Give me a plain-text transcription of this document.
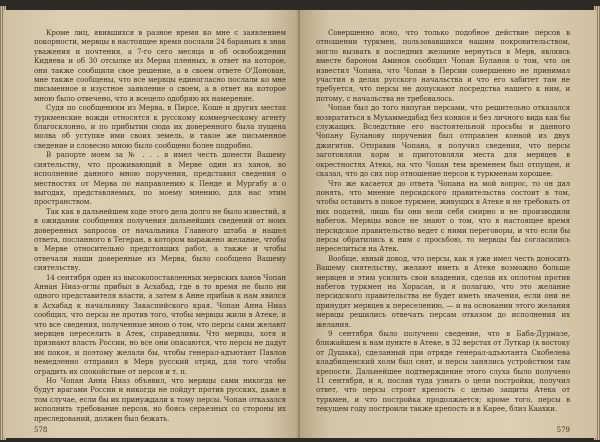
Кроме лиц, явившихся в разное время ко мне с заявлением покорности, мервцы в настоящее время послали 24 бараньих в знак уважения и почтения, а 7-го сего месяца и об освобождении Кидяева и об 30 отсылке из Мерва пленных, в ответ на которое, они также сообщили свое решение, а в своем ответе О'Донован, мне также сообщены, что все мервцы единогласно послали ко мне письменное и изустное заявление о своем, а в ответ на которое мною было отвечено, что я всецело одобряю их намерение.

Судя по сообщениям из Мерва, в Пирсе, Коше и других местах туркменские вожди относятся к русскому коммерческому агенту благосклонно, и по прибытии сюда их доверенного была пущена молва об уступке ими своих земель, и такое же письменное сведение и словесно мною было сообщено более подробно.

В рапорте моем за № . . . я имел честь донести Вашему сиятельству, что проживающий в Мерве один из ханов, во исполнение данного мною поручения, представил сведения о местностях от Мерва по направлению к Пенде и Мургабу и о выгодах, представляемых, по моему мнению, для нас этим пространством.

Так как в дальнейшем ходе этого дела долго не было известий, я в ожидании сообщения получения дальнейших сведений от моих доверенных запросов от начальника Главного штаба и нашел ответа, посланного в Тегеран, в котором выражено желание, чтобы в Мерве относительно предстоящих работ, а также и чтобы отвечали наши доверенные из Мерва, было сообщено Вашему сиятельству.

14 сентября один из высокопоставленных мервских ханов Чопан Аннан Ниаз-оглы прибыл в Асхабад, где в то время не было ни одного представителя власти, а затем в Анне прибыв к нам явился в Асхабад к начальнику Закаспийского края. Чопан Анна Ниаз сообщил, что персы не против того, чтобы мервцы жили в Атеке, и что все сведения, полученные мною о том, что персы сами желают мервцев переселить в Атек, справедливы. Что мервцы, хотя и признают власть России, но все они опасаются, что персы не дадут им покоя, и поэтому желали бы, чтобы генерал-адъютант Павлов немедленно отправил в Мерв русский отряд, для того чтобы оградить их спокойствие от персов и т. п.

Но Чопан Анна Ниаз объявил, что мервцы сами никогда не будут врагами России и никогда не пойдут против русских, даже в том случае, если бы их принуждали к тому персы. Чопан отказался исполнить требование персов, но боясь серьезных со стороны их преследований, должен был бежать.

578

Совершенно ясно, что только подобное действие персов в отношении туркмен, пользовавшихся нашим покровительством, могло вызвать в последних желание вернуться в Мерв, являясь вместе бароном Аминов сообщил Чопан Буланов о том, что он известил Чопана, что Чопан в Персии совершенно не принимал участия в делах русского начальства и что его хабитет там не требуется, что персы не допускают посредства нашего к ним, и потому, с начальства не требовалось.

Чопан был до того напуган персами, что решительно отказался возвратиться в Мухаммедабад без конвоя и без личного вида как бы служащих. Вследствие его настоятельной просьбы и данного Чопану Буланову поручения был отправлен конвой из двух джигитов. Отправив Чопана, я получил сведения, что персы заготовляли корм и приготовляли места для мервцев в окрестностях Атека, на что Чопан тем временем был отпущен, и сказал, что до сих пор отношение персов к туркменам хорошее.

Что же касается до ответа Чопана на мой вопрос, то он дал понять, что мнение персидского правительства состоит в том, чтобы оставить в покое туркмен, живущих в Атеке и не требовать от них податей, лишь бы они вели себя смирно и не производили набегов. Мервцы вовсе не знают о том, что в настоящее время персидское правительство ведет с ними переговоры, и что если бы персы обратились к ним с просьбою, то мервцы бы согласились переселиться на Атек.

Вообще, явный довод, что персы, как я уже имел честь доносить Вашему сиятельству, желают иметь в Атеке возможно больше мервцев и этим усилить свои владения, сделав их оплотом против набегов туркмен на Хорасан, и я полагаю, что это желание персидского правительства не будет иметь значения, если они не принудят мервцев к переселению, — и на основании этого желания мервцы решились отвечать персам отказом до исполнения их желания.

9 сентября было получено сведение, что в Баба-Дурмазе, ближайшем к нам пункте в Атеке, в 32 верстах от Луткар (к востоку от Душака), сделанный при отряде генерал-адъютанта Скобелева кладбищенский холм был снят, и персы занялись устройством там крепости. Дальнейшее подтверждение этого слуха было получено 11 сентября, и я, послав туда узнать о цели постройки, получил ответ, что персы строят крепость с целью защиты Атека от туркмен, и что постройка продолжается; кроме того, персы в текущем году построили также крепость и в Карее, близ Каахки.

579
